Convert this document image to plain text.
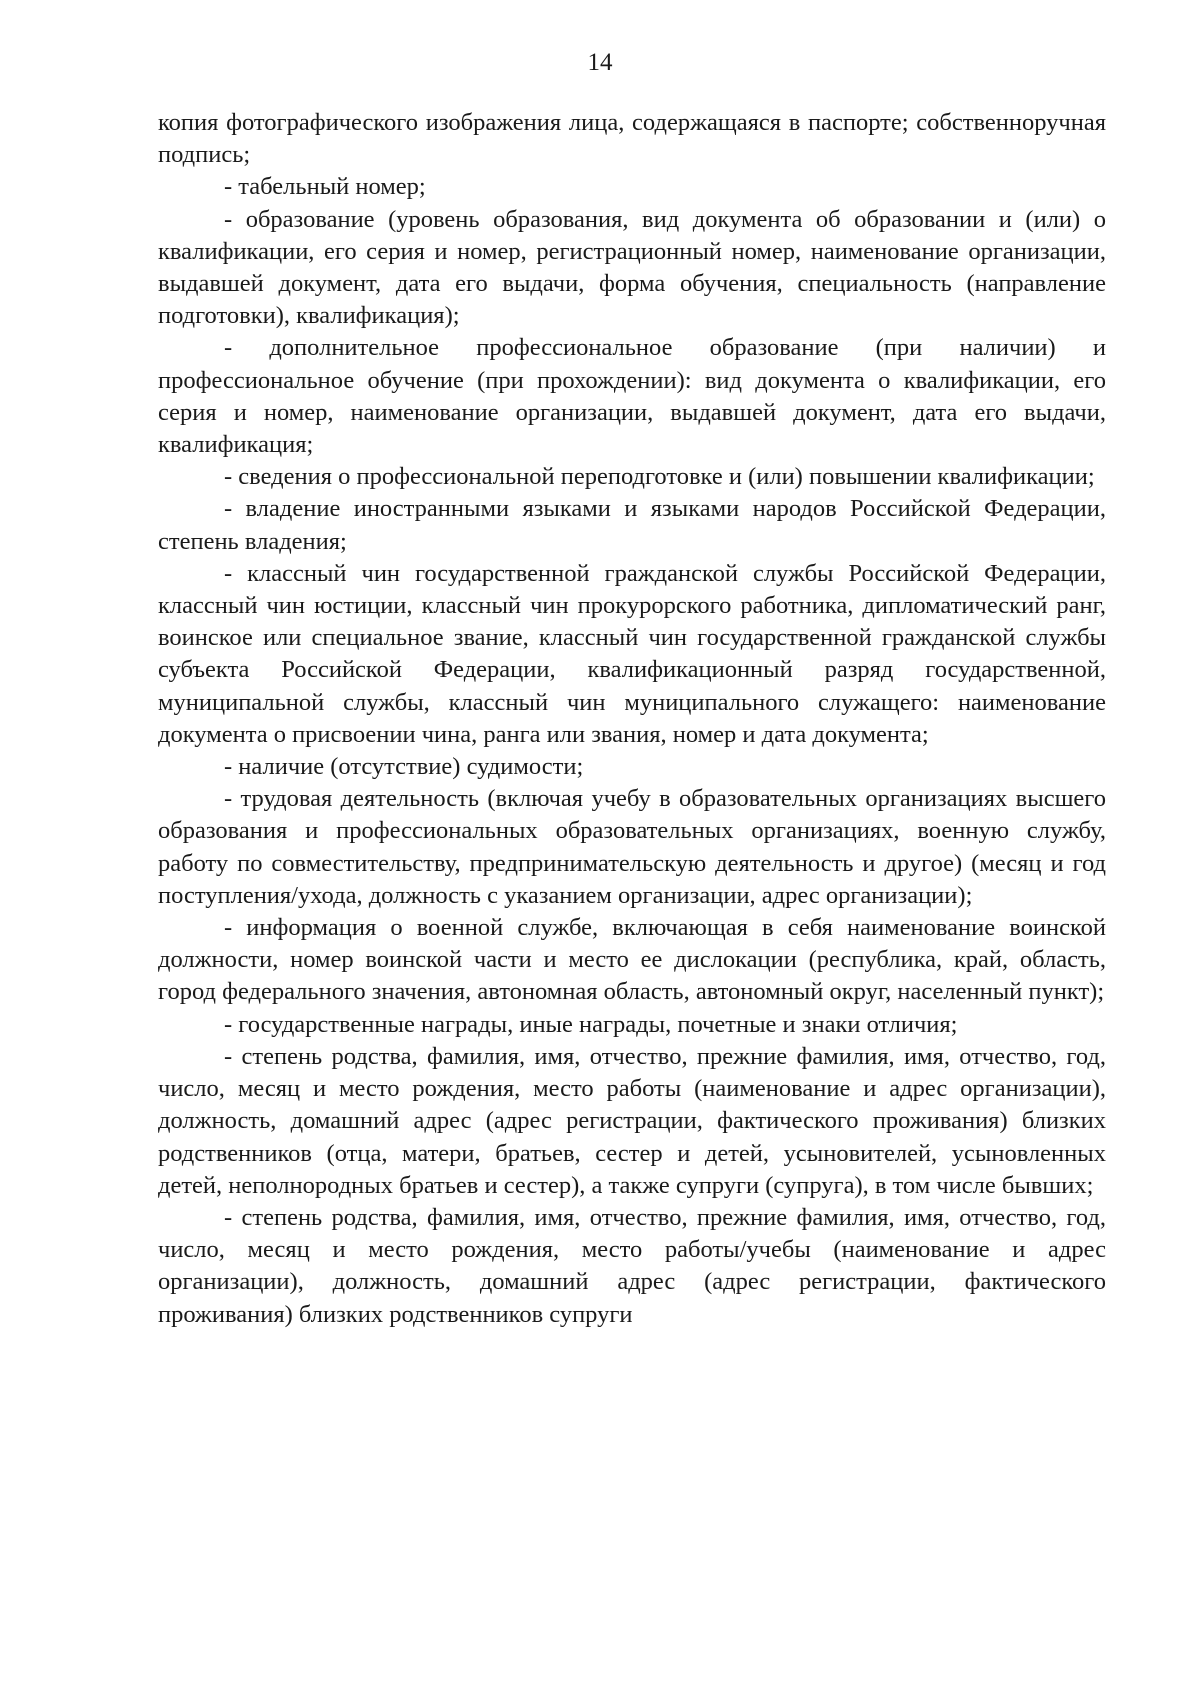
14

копия фотографического изображения лица, содержащаяся в паспорте; собственноручная подпись;

- табельный номер;

- образование (уровень образования, вид документа об образовании и (или) о квалификации, его серия и номер, регистрационный номер, наименование организации, выдавшей документ, дата его выдачи, форма обучения, специальность (направление подготовки), квалификация);

- дополнительное профессиональное образование (при наличии) и профессиональное обучение (при прохождении): вид документа о квалификации, его серия и номер, наименование организации, выдавшей документ, дата его выдачи, квалификация;

- сведения о профессиональной переподготовке и (или) повышении квалификации;

- владение иностранными языками и языками народов Российской Федерации, степень владения;

- классный чин государственной гражданской службы Российской Федерации, классный чин юстиции, классный чин прокурорского работника, дипломатический ранг, воинское или специальное звание, классный чин государственной гражданской службы субъекта Российской Федерации, квалификационный разряд государственной, муниципальной службы, классный чин муниципального служащего: наименование документа о присвоении чина, ранга или звания, номер и дата документа;

- наличие (отсутствие) судимости;

- трудовая деятельность (включая учебу в образовательных организациях высшего образования и профессиональных образовательных организациях, военную службу, работу по совместительству, предпринимательскую деятельность и другое) (месяц и год поступления/ухода, должность с указанием организации, адрес организации);

- информация о военной службе, включающая в себя наименование воинской должности, номер воинской части и место ее дислокации (республика, край, область, город федерального значения, автономная область, автономный округ, населенный пункт);

- государственные награды, иные награды, почетные и знаки отличия;

- степень родства, фамилия, имя, отчество, прежние фамилия, имя, отчество, год, число, месяц и место рождения, место работы (наименование и адрес организации), должность, домашний адрес (адрес регистрации, фактического проживания) близких родственников (отца, матери, братьев, сестер и детей, усыновителей, усыновленных детей, неполнородных братьев и сестер), а также супруги (супруга), в том числе бывших;

- степень родства, фамилия, имя, отчество, прежние фамилия, имя, отчество, год, число, месяц и место рождения, место работы/учебы (наименование и адрес организации), должность, домашний адрес (адрес регистрации, фактического проживания) близких родственников супруги
